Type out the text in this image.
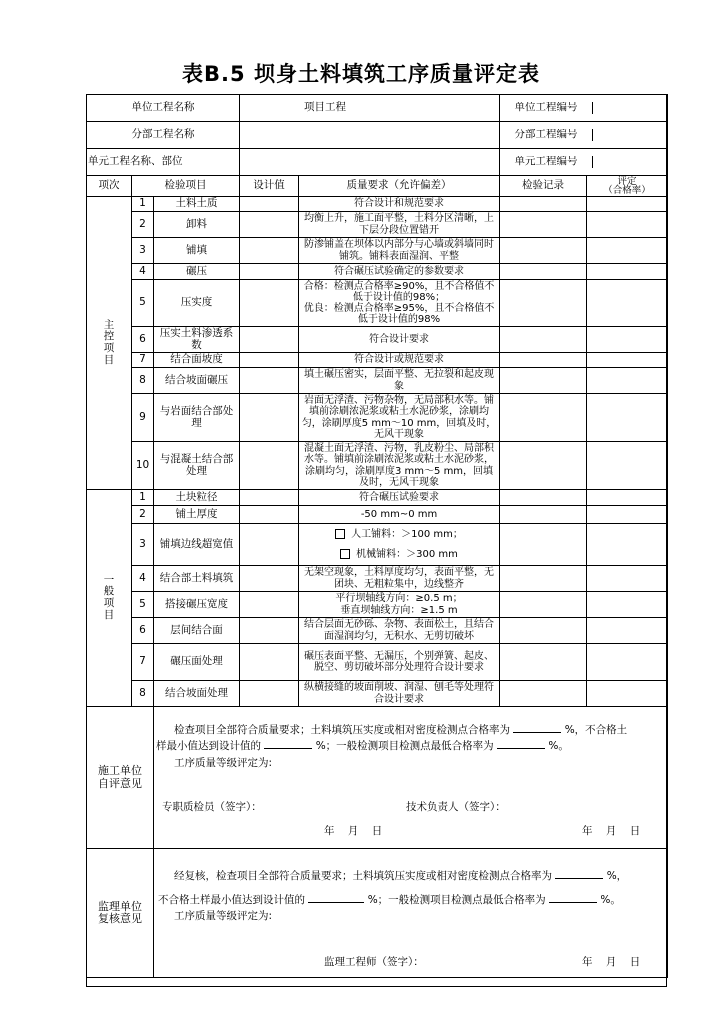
表B.5 坝身土料填筑工序质量评定表
单位工程名称	项目工程		单位工程编号	

分部工程名称			分部工程编号	

单元工程名称、部位			单元工程编号	

项次	检验项目	设计值	质量要求（允许偏差）	检验记录	评定
（合格率）

主
控
项
目
	1	土料土质		符合设计和规范要求		
2	卸料		均衡上升，施工面平整，土料分区清晰，上下层分段位置错开		
3	铺填		防渗铺盖在坝体以内部分与心墙或斜墙同时铺筑。铺料表面湿润、平整		
4	碾压		符合碾压试验确定的参数要求		
5	压实度		
合格：检测点合格率≥90%，且不合格值不低于设计值的98%；
优良：检测点合格率≥95%，且不合格值不低于设计值的98%

6	压实土料渗透系数		符合设计要求		
7	结合面坡度		符合设计或规范要求		
8	结合坡面碾压		填土碾压密实，层面平整、无拉裂和起皮现象		
9	与岩面结合部处理		岩面无浮渣、污物杂物，无局部积水等。铺填前涂刷浓泥浆或粘土水泥砂浆，涂刷均匀，涂刷厚度5 mm～10 mm，回填及时，无风干现象		
10	与混凝土结合部处理		混凝土面无浮渣、污物，乳皮粉尘、局部积水等。铺填前涂刷浓泥浆或粘土水泥砂浆，涂刷均匀，涂刷厚度3 mm～5 mm，回填及时，无风干现象		

一
般
项
目
	1	土块粒径		符合碾压试验要求		
2	铺土厚度		-50 mm~0 mm		
3	铺填边线超宽值		
人工铺料：＞100 mm；
机械铺料：＞300 mm

4	结合部土料填筑		无架空现象，土料厚度均匀，表面平整，无团块、无粗粒集中，边线整齐		
5	搭接碾压宽度		平行坝轴线方向：≥0.5 m；
垂直坝轴线方向：≥1.5 m

6	层间结合面		结合层面无砂砾、杂物、表面松土，且结合面湿润均匀，无积水、无剪切破坏		
7	碾压面处理		碾压表面平整、无漏压，个别弹簧、起皮、脱空、剪切破坏部分处理符合设计要求		
8	结合坡面处理		纵横接缝的坡面削坡、润湿、刨毛等处理符合设计要求		

施工单位
自评意见

检查项目全部符合质量要求；土料填筑压实度或相对密度检测点合格率为	%，不合格土
样最小值达到设计值的	%；一般检测项目检测点最低合格率为	%。
工序质量等级评定为:
专职质检员（签字）：	技术负责人（签字）：
年    月    日	年    月    日

监理单位
复核意见

经复核，检查项目全部符合质量要求；土料填筑压实度或相对密度检测点合格率为	%，
不合格土样最小值达到设计值的	%；一般检测项目检测点最低合格率为	%。
工序质量等级评定为:
监理工程师（签字）：	年    月    日
